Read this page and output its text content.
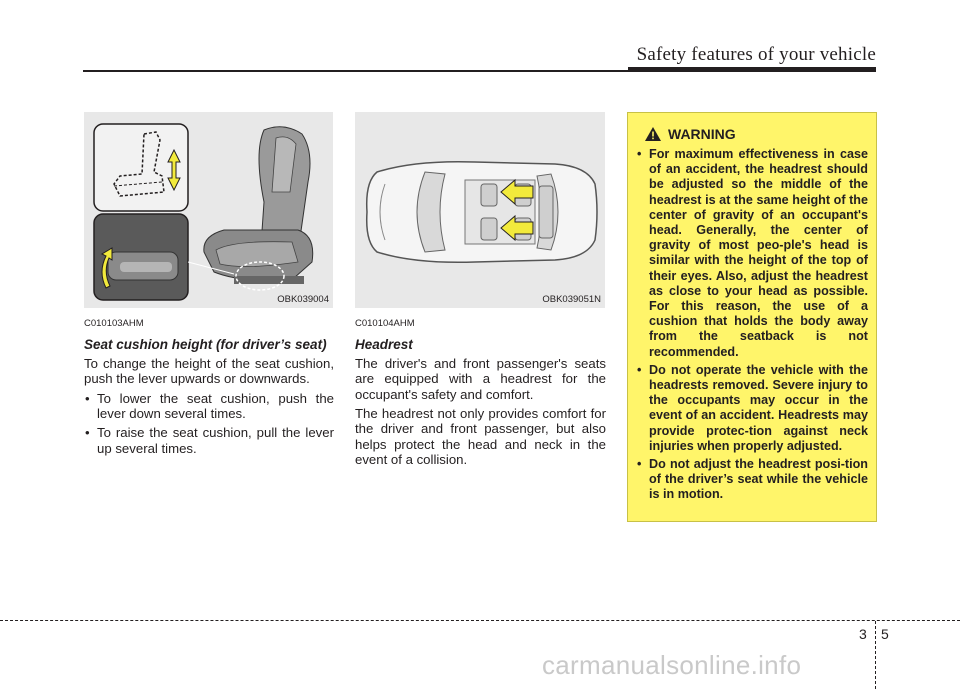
Safety features of your vehicle
OBK039004	OBK039051N
C010103AHM
Seat cushion height (for driver’s seat)

To change the height of the seat cushion, push the lever upwards or downwards.

• To lower the seat cushion, push the lever down several times.
• To raise the seat cushion, pull the lever up several times.
C010104AHM
Headrest

The driver's and front passenger's seats are equipped with a headrest for the occupant's safety and comfort.

The headrest not only provides comfort for the driver and front passenger, but also helps protect the head and neck in the event of a collision.

WARNING
• For maximum effectiveness in case of an accident, the headrest should be adjusted so the middle of the headrest is at the same height of the center of gravity of an occupant's head. Generally, the center of gravity of most peo-ple's head is similar with the height of the top of their eyes. Also, adjust the headrest as close to your head as possible. For this reason, the use of a cushion that holds the body away from the seatback is not recommended.
• Do not operate the vehicle with the headrests removed. Severe injury to the occupants may occur in the event of an accident. Headrests may provide protec-tion against neck injuries when properly adjusted.
• Do not adjust the headrest posi-tion of the driver’s seat while the vehicle is in motion.
3 5
carmanualsonline.info
